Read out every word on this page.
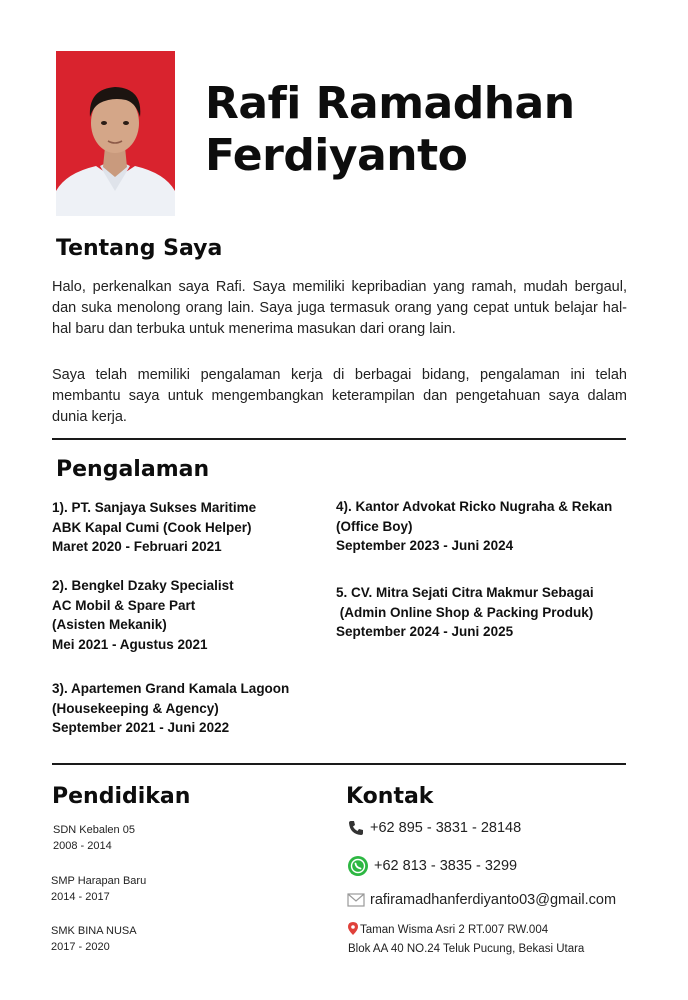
Rafi Ramadhan
Ferdiyanto
Tentang Saya

Halo, perkenalkan saya Rafi. Saya memiliki kepribadian yang ramah, mudah bergaul, dan suka menolong orang lain. Saya juga termasuk orang yang cepat untuk belajar hal-hal baru dan terbuka untuk menerima masukan dari orang lain.

Saya telah memiliki pengalaman kerja di berbagai bidang, pengalaman ini telah membantu saya untuk mengembangkan keterampilan dan pengetahuan saya dalam dunia kerja.

Pengalaman
1). PT. Sanjaya Sukses Maritime
ABK Kapal Cumi (Cook Helper)
Maret 2020 - Februari 2021
2). Bengkel Dzaky Specialist
AC Mobil & Spare Part
(Asisten Mekanik)
Mei 2021 - Agustus 2021
3). Apartemen Grand Kamala Lagoon
(Housekeeping & Agency)
September 2021 - Juni 2022
4). Kantor Advokat Ricko Nugraha & Rekan
(Office Boy)
September 2023 - Juni 2024
5. CV. Mitra Sejati Citra Makmur Sebagai
(Admin Online Shop & Packing Produk)
September 2024 - Juni 2025
Pendidikan
SDN Kebalen 05
2008 - 2014
SMP Harapan Baru
2014 - 2017
SMK BINA NUSA
2017 - 2020
Kontak
+62 895 - 3831 - 28148
+62 813 - 3835 - 3299
rafiramadhanferdiyanto03@gmail.com
Taman Wisma Asri 2 RT.007 RW.004
Blok AA 40 NO.24 Teluk Pucung, Bekasi Utara
